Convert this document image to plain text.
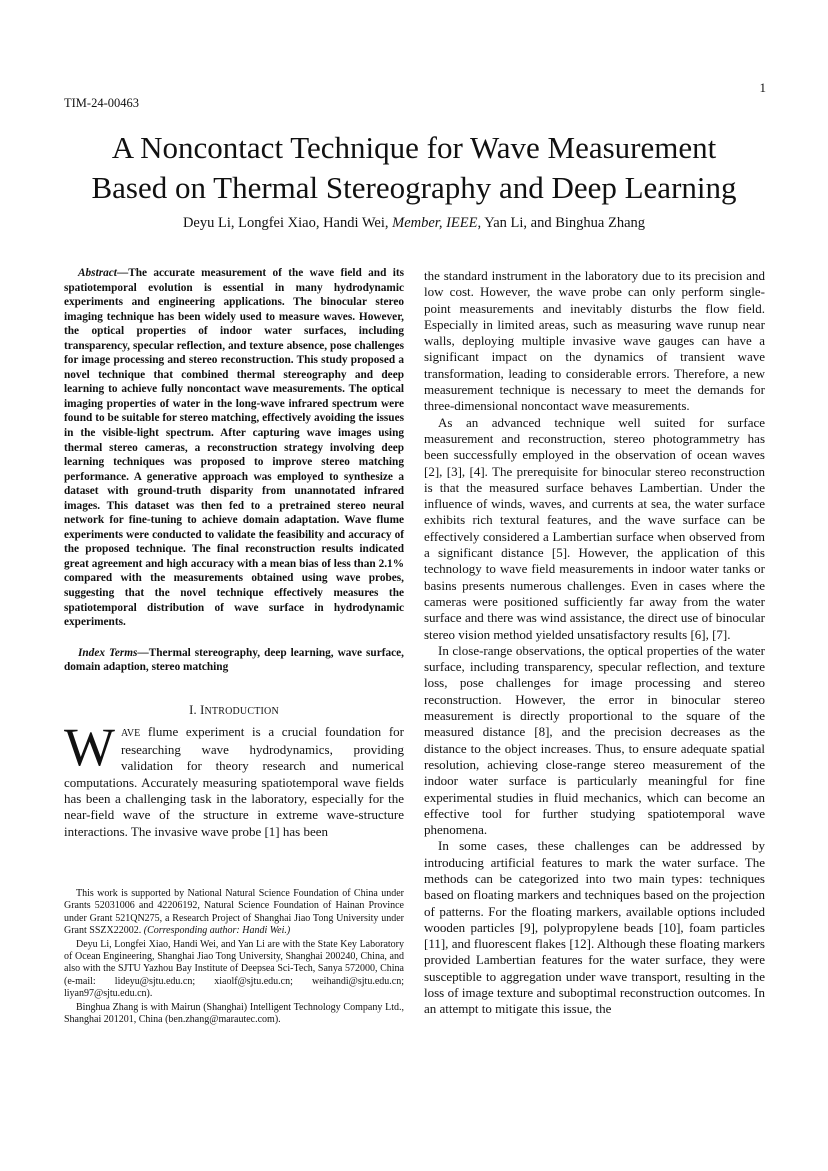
1
TIM-24-00463
A Noncontact Technique for Wave Measurement
Based on Thermal Stereography and Deep Learning
Deyu Li, Longfei Xiao, Handi Wei, Member, IEEE, Yan Li, and Binghua Zhang

Abstract—The accurate measurement of the wave field and its spatiotemporal evolution is essential in many hydrodynamic experiments and engineering applications. The binocular stereo imaging technique has been widely used to measure waves. However, the optical properties of indoor water surfaces, including transparency, specular reflection, and texture absence, pose challenges for image processing and stereo reconstruction. This study proposed a novel technique that combined thermal stereography and deep learning to achieve fully noncontact wave measurements. The optical imaging properties of water in the long-wave infrared spectrum were found to be suitable for stereo matching, effectively avoiding the issues in the visible-light spectrum. After capturing wave images using thermal stereo cameras, a reconstruction strategy involving deep learning techniques was proposed to improve stereo matching performance. A generative approach was employed to synthesize a dataset with ground-truth disparity from unannotated infrared images. This dataset was then fed to a pretrained stereo neural network for fine-tuning to achieve domain adaptation. Wave flume experiments were conducted to validate the feasibility and accuracy of the proposed technique. The final reconstruction results indicated great agreement and high accuracy with a mean bias of less than 2.1% compared with the measurements obtained using wave probes, suggesting that the novel technique effectively measures the spatiotemporal distribution of wave surface in hydrodynamic experiments.

Index Terms—Thermal stereography, deep learning, wave surface, domain adaption, stereo matching

I. INTRODUCTION

WAVE flume experiment is a crucial foundation for researching wave hydrodynamics, providing validation for theory research and numerical computations. Accurately measuring spatiotemporal wave fields has been a challenging task in the laboratory, especially for the near-field wave of the structure in extreme wave-structure interactions. The invasive wave probe [1] has been

This work is supported by National Natural Science Foundation of China under Grants 52031006 and 42206192, Natural Science Foundation of Hainan Province under Grant 521QN275, a Research Project of Shanghai Jiao Tong University under Grant SSZX22002. (Corresponding author: Handi Wei.)

Deyu Li, Longfei Xiao, Handi Wei, and Yan Li are with the State Key Laboratory of Ocean Engineering, Shanghai Jiao Tong University, Shanghai 200240, China, and also with the SJTU Yazhou Bay Institute of Deepsea Sci-Tech, Sanya 572000, China (e-mail: lideyu@sjtu.edu.cn; xiaolf@sjtu.edu.cn; weihandi@sjtu.edu.cn; liyan97@sjtu.edu.cn).

Binghua Zhang is with Mairun (Shanghai) Intelligent Technology Company Ltd., Shanghai 201201, China (ben.zhang@marautec.com).

the standard instrument in the laboratory due to its precision and low cost. However, the wave probe can only perform single-point measurements and inevitably disturbs the flow field. Especially in limited areas, such as measuring wave runup near walls, deploying multiple invasive wave gauges can have a significant impact on the dynamics of transient wave transformation, leading to considerable errors. Therefore, a new measurement technique is necessary to meet the demands for three-dimensional noncontact wave measurements.

As an advanced technique well suited for surface measurement and reconstruction, stereo photogrammetry has been successfully employed in the observation of ocean waves [2], [3], [4]. The prerequisite for binocular stereo reconstruction is that the measured surface behaves Lambertian. Under the influence of winds, waves, and currents at sea, the water surface exhibits rich textural features, and the wave surface can be effectively considered a Lambertian surface when observed from a significant distance [5]. However, the application of this technology to wave field measurements in indoor water tanks or basins presents numerous challenges. Even in cases where the cameras were positioned sufficiently far away from the water surface and there was wind assistance, the direct use of binocular stereo vision method yielded unsatisfactory results [6], [7].

In close-range observations, the optical properties of the water surface, including transparency, specular reflection, and texture loss, pose challenges for image processing and stereo reconstruction. However, the error in binocular stereo measurement is directly proportional to the square of the measured distance [8], and the precision decreases as the distance to the object increases. Thus, to ensure adequate spatial resolution, achieving close-range stereo measurement of the indoor water surface is particularly meaningful for fine experimental studies in fluid mechanics, which can become an effective tool for further studying spatiotemporal wave phenomena.

In some cases, these challenges can be addressed by introducing artificial features to mark the water surface. The methods can be categorized into two main types: techniques based on floating markers and techniques based on the projection of patterns. For the floating markers, available options included wooden particles [9], polypropylene beads [10], foam particles [11], and fluorescent flakes [12]. Although these floating markers provided Lambertian features for the water surface, they were susceptible to aggregation under wave transport, resulting in the loss of image texture and suboptimal reconstruction outcomes. In an attempt to mitigate this issue, the
